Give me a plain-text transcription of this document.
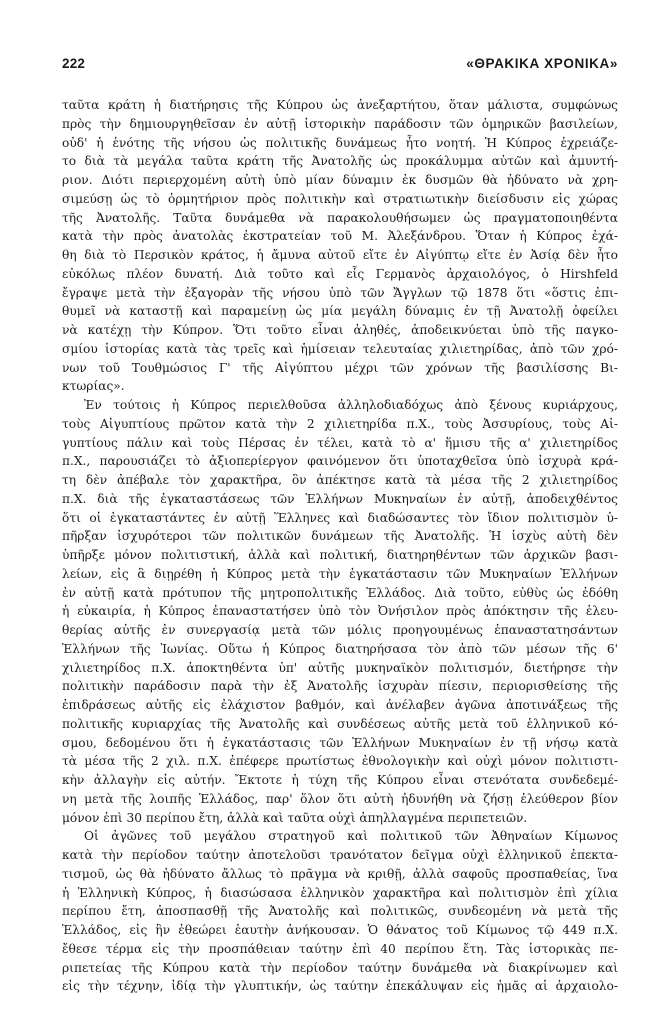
222	«ΘΡΑΚΙΚΑ ΧΡΟΝΙΚΑ»
ταῦτα κράτη ἡ διατήρησις τῆς Κύπρου ὡς ἀνεξαρτήτου, ὅταν μάλιστα, συμφώνως
πρὸς τὴν δημιουργηθεῖσαν ἐν αὐτῇ ἱστορικὴν παράδοσιν τῶν ὁμηρικῶν βασιλείων,
οὐδ' ἡ ἑνότης τῆς νήσου ὡς πολιτικῆς δυνάμεως ἦτο νοητή. Ἡ Κύπρος ἐχρειάζε-
το διὰ τὰ μεγάλα ταῦτα κράτη τῆς Ἀνατολῆς ὡς προκάλυμμα αὐτῶν καὶ ἀμυντή-
ριον. Διότι περιερχομένη αὐτὴ ὑπὸ μίαν δύναμιν ἐκ δυσμῶν θὰ ἠδύνατο νὰ χρη-
σιμεύσῃ ὡς τὸ ὁρμητήριον πρὸς πολιτικὴν καὶ στρατιωτικὴν διείσδυσιν εἰς χώρας
τῆς Ἀνατολῆς. Ταῦτα δυνάμεθα νὰ παρακολουθήσωμεν ὡς πραγματοποιηθέντα
κατὰ τὴν πρὸς ἀνατολὰς ἐκστρατείαν τοῦ Μ. Ἀλεξάνδρου. Ὅταν ἡ Κύπρος ἐχά-
θη διὰ τὸ Περσικὸν κράτος, ἡ ἄμυνα αὐτοῦ εἴτε ἐν Αἰγύπτῳ εἴτε ἐν Ἀσίᾳ δὲν ἦτο
εὐκόλως πλέον δυνατή. Διὰ τοῦτο καὶ εἷς Γερμανὸς ἀρχαιολόγος, ὁ Hirshfeld
ἔγραψε μετὰ τὴν ἐξαγορὰν τῆς νήσου ὑπὸ τῶν Ἄγγλων τῷ 1878 ὅτι «ὅστις ἐπι-
θυμεῖ νὰ καταστῇ καὶ παραμείνῃ ὡς μία μεγάλη δύναμις ἐν τῇ Ἀνατολῇ ὀφείλει
νὰ κατέχῃ τὴν Κύπρον. Ὅτι τοῦτο εἶναι ἀληθές, ἀποδεικνύεται ὑπὸ τῆς παγκο-
σμίου ἱστορίας κατὰ τὰς τρεῖς καὶ ἡμίσειαν τελευταίας χιλιετηρίδας, ἀπὸ τῶν χρό-
νων τοῦ Τουθμώσιος Γ' τῆς Αἰγύπτου μέχρι τῶν χρόνων τῆς βασιλίσσης Βι-
κτωρίας».
Ἐν τούτοις ἡ Κύπρος περιελθοῦσα ἀλληλοδιαδόχως ἀπὸ ξένους κυριάρχους,
τοὺς Αἰγυπτίους πρῶτον κατὰ τὴν 2 χιλιετηρίδα π.Χ., τοὺς Ἀσσυρίους, τοὺς Αἰ-
γυπτίους πάλιν καὶ τοὺς Πέρσας ἐν τέλει, κατὰ τὸ α' ἥμισυ τῆς α' χιλιετηρίδος
π.Χ., παρουσιάζει τὸ ἀξιοπερίεργον φαινόμενον ὅτι ὑποταχθεῖσα ὑπὸ ἰσχυρὰ κρά-
τη δὲν ἀπέβαλε τὸν χαρακτῆρα, ὃν ἀπέκτησε κατὰ τὰ μέσα τῆς 2 χιλιετηρίδος
π.Χ. διὰ τῆς ἐγκαταστάσεως τῶν Ἑλλήνων Μυκηναίων ἐν αὐτῇ, ἀποδειχθέντος
ὅτι οἱ ἐγκαταστάντες ἐν αὐτῇ Ἕλληνες καὶ διαδώσαντες τὸν ἴδιον πολιτισμὸν ὑ-
πῆρξαν ἰσχυρότεροι τῶν πολιτικῶν δυνάμεων τῆς Ἀνατολῆς. Ἡ ἰσχὺς αὐτὴ δὲν
ὑπῆρξε μόνον πολιτιστική, ἀλλὰ καὶ πολιτική, διατηρηθέντων τῶν ἀρχικῶν βασι-
λείων, εἰς ἃ διῃρέθη ἡ Κύπρος μετὰ τὴν ἐγκατάστασιν τῶν Μυκηναίων Ἑλλήνων
ἐν αὐτῇ κατὰ πρότυπον τῆς μητροπολιτικῆς Ἑλλάδος. Διὰ τοῦτο, εὐθὺς ὡς ἐδόθη
ἡ εὐκαιρία, ἡ Κύπρος ἐπαναστατήσεν ὑπὸ τὸν Ὀνήσιλον πρὸς ἀπόκτησιν τῆς ἐλευ-
θερίας αὐτῆς ἐν συνεργασίᾳ μετὰ τῶν μόλις προηγουμένως ἐπαναστατησάντων
Ἑλλήνων τῆς Ἰωνίας. Οὕτω ἡ Κύπρος διατηρήσασα τὸν ἀπὸ τῶν μέσων τῆς 6'
χιλιετηρίδος π.Χ. ἀποκτηθέντα ὑπ' αὐτῆς μυκηναϊκὸν πολιτισμόν, διετήρησε τὴν
πολιτικὴν παράδοσιν παρὰ τὴν ἐξ Ἀνατολῆς ἰσχυρὰν πίεσιν, περιορισθείσης τῆς
ἐπιδράσεως αὐτῆς εἰς ἐλάχιστον βαθμόν, καὶ ἀνέλαβεν ἀγῶνα ἀποτινάξεως τῆς
πολιτικῆς κυριαρχίας τῆς Ἀνατολῆς καὶ συνδέσεως αὐτῆς μετὰ τοῦ ἑλληνικοῦ κό-
σμου, δεδομένου ὅτι ἡ ἐγκατάστασις τῶν Ἑλλήνων Μυκηναίων ἐν τῇ νήσῳ κατὰ
τὰ μέσα τῆς 2 χιλ. π.Χ. ἐπέφερε πρωτίστως ἐθνολογικὴν καὶ οὐχὶ μόνον πολιτιστι-
κὴν ἀλλαγὴν εἰς αὐτήν. Ἔκτοτε ἡ τύχη τῆς Κύπρου εἶναι στενότατα συνδεδεμέ-
νη μετὰ τῆς λοιπῆς Ἑλλάδος, παρ' ὅλον ὅτι αὐτὴ ἠδυνήθη νὰ ζήσῃ ἐλεύθερον βίον
μόνον ἐπὶ 30 περίπου ἔτη, ἀλλὰ καὶ ταῦτα οὐχὶ ἀπηλλαγμένα περιπετειῶν.
Οἱ ἀγῶνες τοῦ μεγάλου στρατηγοῦ καὶ πολιτικοῦ τῶν Ἀθηναίων Κίμωνος
κατὰ τὴν περίοδον ταύτην ἀποτελοῦσι τρανότατον δεῖγμα οὐχὶ ἑλληνικοῦ ἐπεκτα-
τισμοῦ, ὡς θὰ ἠδύνατο ἄλλως τὸ πρᾶγμα νὰ κριθῇ, ἀλλὰ σαφοῦς προσπαθείας, ἵνα
ἡ Ἑλληνικὴ Κύπρος, ἡ διασώσασα ἑλληνικὸν χαρακτῆρα καὶ πολιτισμὸν ἐπὶ χίλια
περίπου ἔτη, ἀποσπασθῇ τῆς Ἀνατολῆς καὶ πολιτικῶς, συνδεομένη νὰ μετὰ τῆς
Ἑλλάδος, εἰς ἣν ἐθεώρει ἑαυτὴν ἀνήκουσαν. Ὁ θάνατος τοῦ Κίμωνος τῷ 449 π.Χ.
ἔθεσε τέρμα εἰς τὴν προσπάθειαν ταύτην ἐπὶ 40 περίπου ἔτη. Τὰς ἱστορικὰς πε-
ριπετείας τῆς Κύπρου κατὰ τὴν περίοδον ταύτην δυνάμεθα νὰ διακρίνωμεν καὶ
εἰς τὴν τέχνην, ἰδίᾳ τὴν γλυπτικήν, ὡς ταύτην ἐπεκάλυψαν εἰς ἡμᾶς αἱ ἀρχαιολο-
